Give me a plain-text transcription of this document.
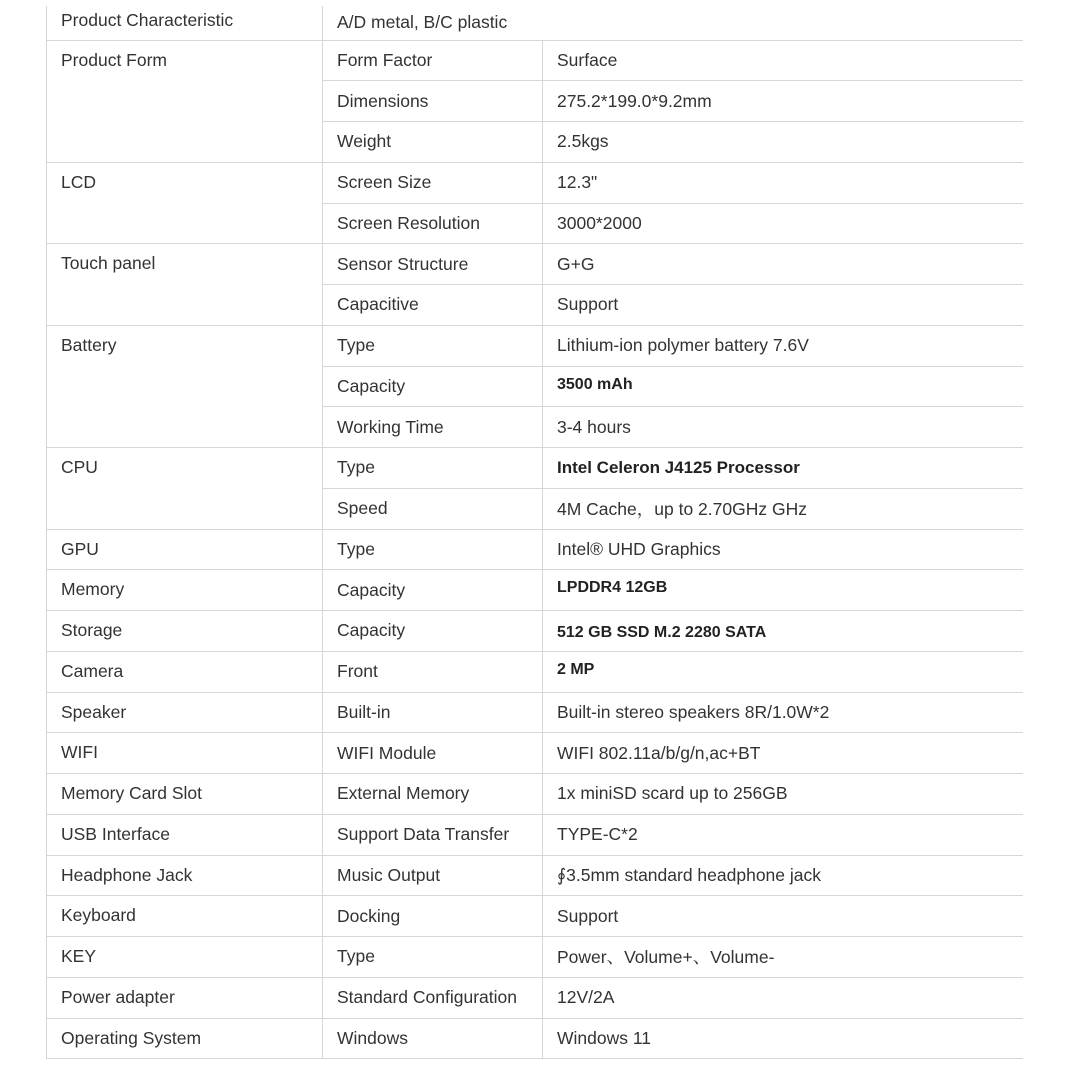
Product Characteristic	A/D metal, B/C plastic	
Product Form	Form Factor	Surface
	Dimensions	275.2*199.0*9.2mm
	Weight	2.5kgs
LCD	Screen Size	12.3"
	Screen Resolution	3000*2000
Touch panel	Sensor Structure	G+G
	Capacitive	Support
Battery	Type	Lithium-ion polymer battery 7.6V
	Capacity	3500 mAh
	Working Time	3-4 hours
CPU	Type	Intel Celeron J4125 Processor
	Speed	4M Cache，up to 2.70GHz GHz
GPU	Type	Intel® UHD Graphics
Memory	Capacity	LPDDR4 12GB
Storage	Capacity	512 GB SSD M.2 2280 SATA
Camera	Front	2 MP
Speaker	Built-in	Built-in stereo speakers 8R/1.0W*2
WIFI	WIFI Module	WIFI 802.11a/b/g/n,ac+BT
Memory Card Slot	External Memory	1x miniSD scard up to 256GB
USB Interface	Support Data Transfer	TYPE-C*2
Headphone Jack	Music Output	∮3.5mm standard headphone jack
Keyboard	Docking	Support
KEY	Type	Power、Volume+、Volume-
Power adapter	Standard Configuration	12V/2A
Operating System	Windows	Windows 11
